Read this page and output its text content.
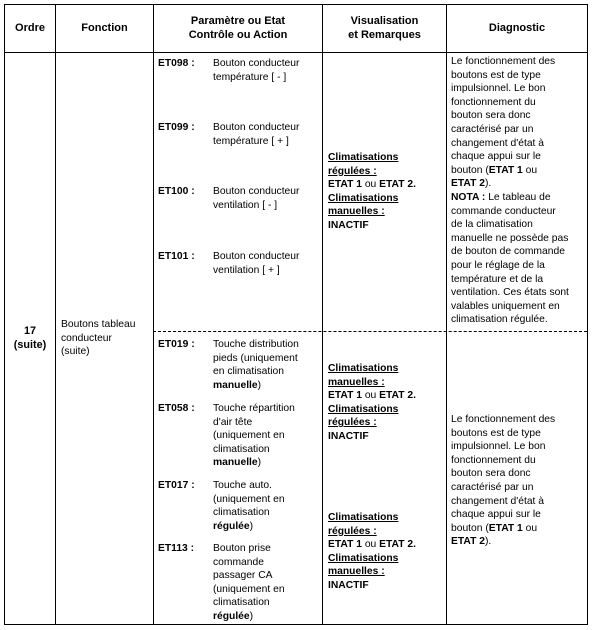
Ordre	Fonction
Paramètre ou Etat
Contrôle ou Action
Visualisation
et Remarques
Diagnostic
17
(suite)
Boutons tableau
conducteur
(suite)
ET098 : Bouton conducteur
température [ - ]
ET099 : Bouton conducteur
température [ + ]
ET100 : Bouton conducteur
ventilation [ - ]
ET101 : Bouton conducteur
ventilation [ + ]
Climatisations
régulées :
ETAT 1 ou ETAT 2.
Climatisations
manuelles :
INACTIF
Le fonctionnement des
boutons est de type
impulsionnel. Le bon
fonctionnement du
bouton sera donc
caractérisé par un
changement d'état à
chaque appui sur le
bouton (ETAT 1 ou
ETAT 2).
NOTA : Le tableau de
commande conducteur
de la climatisation
manuelle ne possède pas
de bouton de commande
pour le réglage de la
température et de la
ventilation. Ces états sont
valables uniquement en
climatisation régulée.
ET019 : Touche distribution
pieds (uniquement
en climatisation
manuelle)
ET058 : Touche répartition
d'air tête
(uniquement en
climatisation
manuelle)
ET017 : Touche auto.
(uniquement en
climatisation
régulée)
ET113 : Bouton prise
commande
passager CA
(uniquement en
climatisation
régulée)
Climatisations
manuelles :
ETAT 1 ou ETAT 2.
Climatisations
régulées :
INACTIF
Climatisations
régulées :
ETAT 1 ou ETAT 2.
Climatisations
manuelles :
INACTIF
Le fonctionnement des
boutons est de type
impulsionnel. Le bon
fonctionnement du
bouton sera donc
caractérisé par un
changement d'état à
chaque appui sur le
bouton (ETAT 1 ou
ETAT 2).
